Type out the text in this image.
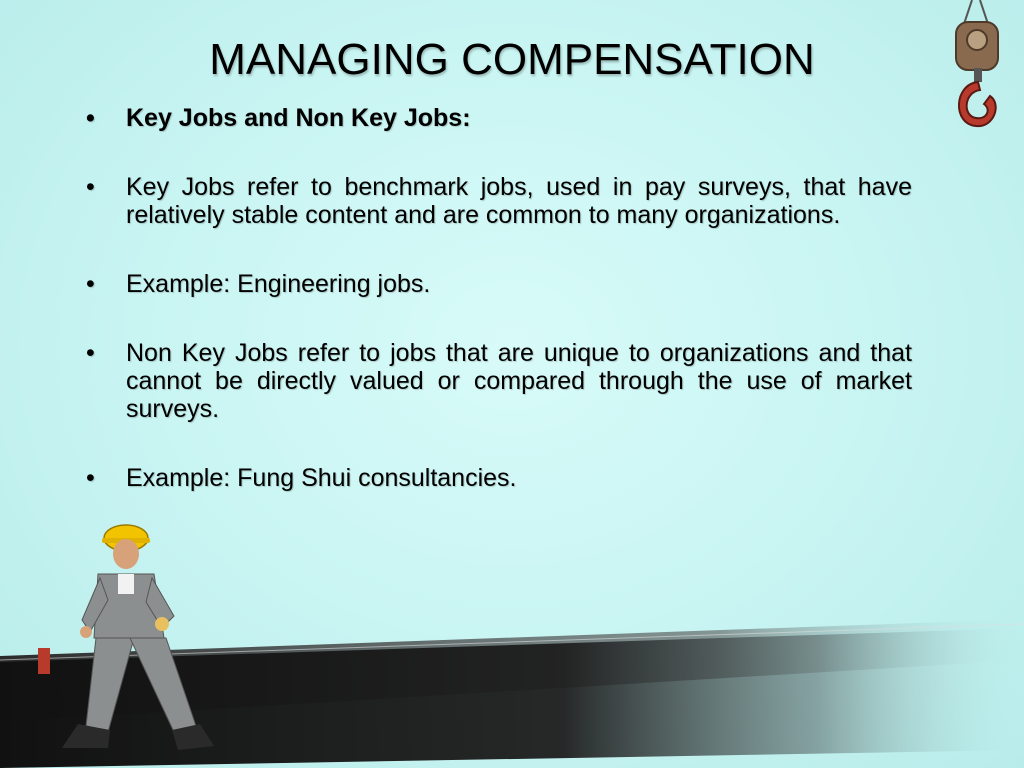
MANAGING COMPENSATION
•	Key Jobs and Non Key Jobs:
•	Key Jobs refer to benchmark jobs, used in pay surveys, that have relatively stable content and are common to many organizations.
•	Example: Engineering jobs.
•	Non Key Jobs refer to jobs that are unique to organizations and that cannot be directly valued or compared through the use of market surveys.
•	Example: Fung Shui consultancies.
